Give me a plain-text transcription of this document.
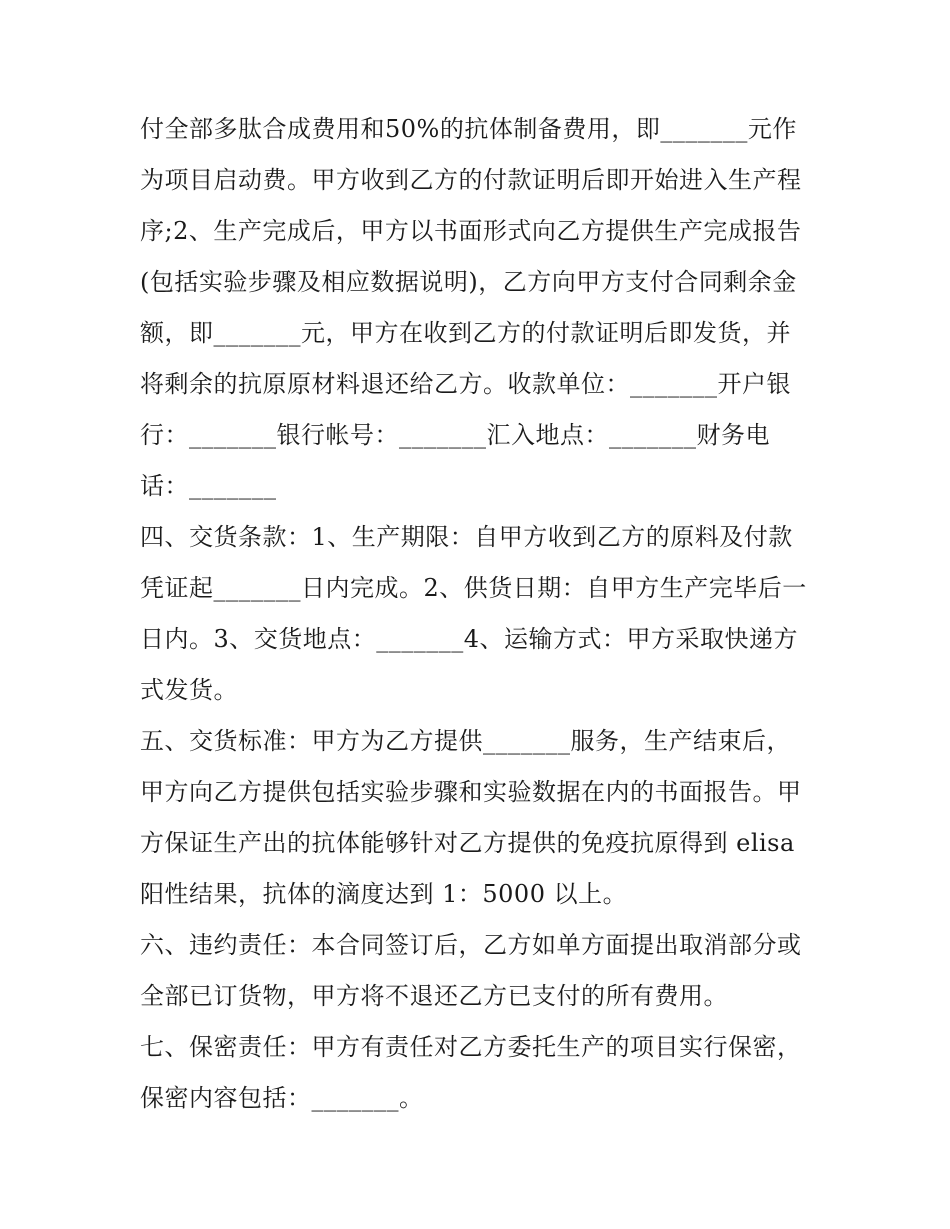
付全部多肽合成费用和50%的抗体制备费用，即_______元作
为项目启动费。甲方收到乙方的付款证明后即开始进入生产程
序;2、生产完成后，甲方以书面形式向乙方提供生产完成报告
(包括实验步骤及相应数据说明)，乙方向甲方支付合同剩余金
额，即_______元，甲方在收到乙方的付款证明后即发货，并
将剩余的抗原原材料退还给乙方。收款单位：_______开户银
行：_______银行帐号：_______汇入地点：_______财务电
话：_______
四、交货条款：1、生产期限：自甲方收到乙方的原料及付款
凭证起_______日内完成。2、供货日期：自甲方生产完毕后一
日内。3、交货地点：_______4、运输方式：甲方采取快递方
式发货。
五、交货标准：甲方为乙方提供_______服务，生产结束后，
甲方向乙方提供包括实验步骤和实验数据在内的书面报告。甲
方保证生产出的抗体能够针对乙方提供的免疫抗原得到 elisa
阳性结果，抗体的滴度达到 1：5000 以上。
六、违约责任：本合同签订后，乙方如单方面提出取消部分或
全部已订货物，甲方将不退还乙方已支付的所有费用。
七、保密责任：甲方有责任对乙方委托生产的项目实行保密，
保密内容包括：_______。
